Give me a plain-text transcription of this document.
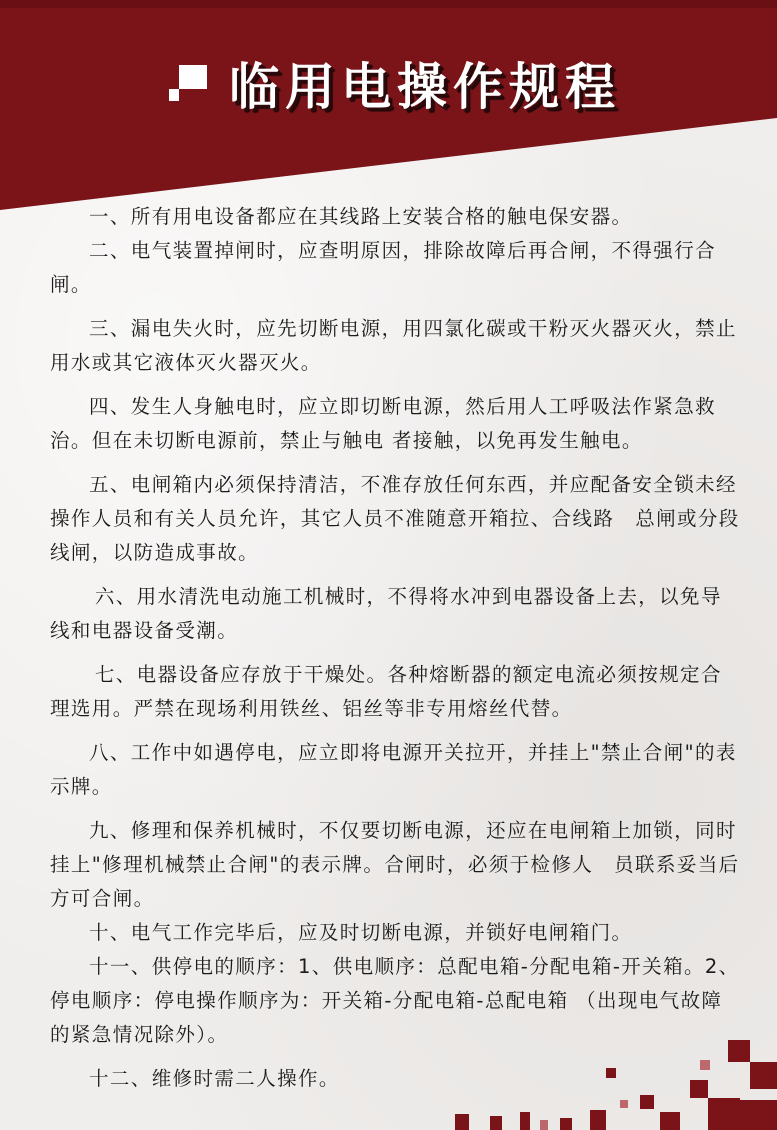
临用电操作规程

一、所有用电设备都应在其线路上安装合格的触电保安器。

二、电气装置掉闸时，应查明原因，排除故障后再合闸，不得强行合闸。

三、漏电失火时，应先切断电源，用四氯化碳或干粉灭火器灭火，禁止用水或其它液体灭火器灭火。

四、发生人身触电时，应立即切断电源，然后用人工呼吸法作紧急救治。但在未切断电源前，禁止与触电 者接触，以免再发生触电。

五、电闸箱内必须保持清洁，不准存放任何东西，并应配备安全锁未经操作人员和有关人员允许，其它人员不准随意开箱拉、合线路　总闸或分段线闸，以防造成事故。

六、用水清洗电动施工机械时，不得将水冲到电器设备上去，以免导线和电器设备受潮。

七、电器设备应存放于干燥处。各种熔断器的额定电流必须按规定合理选用。严禁在现场利用铁丝、铝丝等非专用熔丝代替。

八、工作中如遇停电，应立即将电源开关拉开，并挂上"禁止合闸"的表示牌。

九、修理和保养机械时，不仅要切断电源，还应在电闸箱上加锁，同时挂上"修理机械禁止合闸"的表示牌。合闸时，必须于检修人　员联系妥当后方可合闸。

十、电气工作完毕后，应及时切断电源，并锁好电闸箱门。

十一、供停电的顺序：1、供电顺序：总配电箱-分配电箱-开关箱。2、停电顺序：停电操作顺序为：开关箱-分配电箱-总配电箱 （出现电气故障的紧急情况除外）。

十二、维修时需二人操作。
